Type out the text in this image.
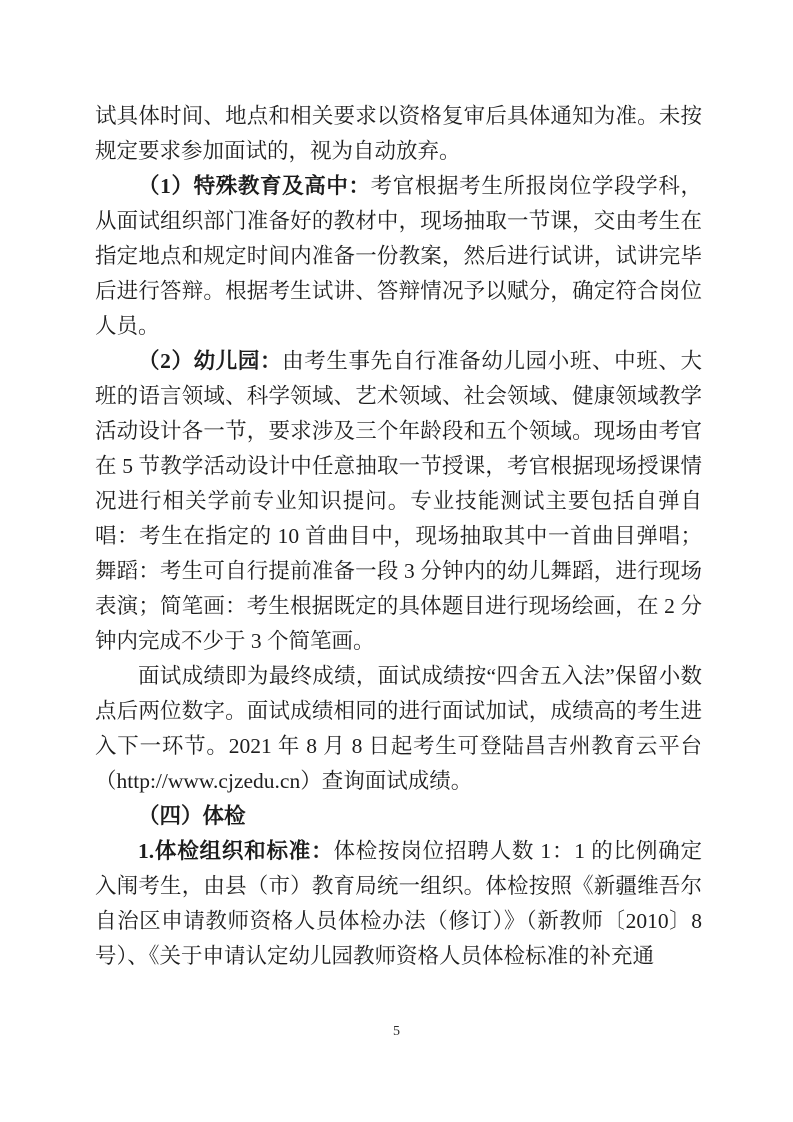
试具体时间、地点和相关要求以资格复审后具体通知为准。未按规定要求参加面试的，视为自动放弃。

（1）特殊教育及高中：考官根据考生所报岗位学段学科，从面试组织部门准备好的教材中，现场抽取一节课，交由考生在指定地点和规定时间内准备一份教案，然后进行试讲，试讲完毕后进行答辩。根据考生试讲、答辩情况予以赋分，确定符合岗位人员。

（2）幼儿园：由考生事先自行准备幼儿园小班、中班、大班的语言领域、科学领域、艺术领域、社会领域、健康领域教学活动设计各一节，要求涉及三个年龄段和五个领域。现场由考官在 5 节教学活动设计中任意抽取一节授课，考官根据现场授课情况进行相关学前专业知识提问。专业技能测试主要包括自弹自唱：考生在指定的 10 首曲目中，现场抽取其中一首曲目弹唱；舞蹈：考生可自行提前准备一段 3 分钟内的幼儿舞蹈，进行现场表演；简笔画：考生根据既定的具体题目进行现场绘画，在 2 分钟内完成不少于 3 个简笔画。

面试成绩即为最终成绩，面试成绩按“四舍五入法”保留小数点后两位数字。面试成绩相同的进行面试加试，成绩高的考生进入下一环节。2021 年 8 月 8 日起考生可登陆昌吉州教育云平台（http://www.cjzedu.cn）查询面试成绩。

（四）体检

1.体检组织和标准：体检按岗位招聘人数 1：1 的比例确定入闱考生，由县（市）教育局统一组织。体检按照《新疆维吾尔自治区申请教师资格人员体检办法（修订）》（新教师〔2010〕8 号）、《关于申请认定幼儿园教师资格人员体检标准的补充通

5
